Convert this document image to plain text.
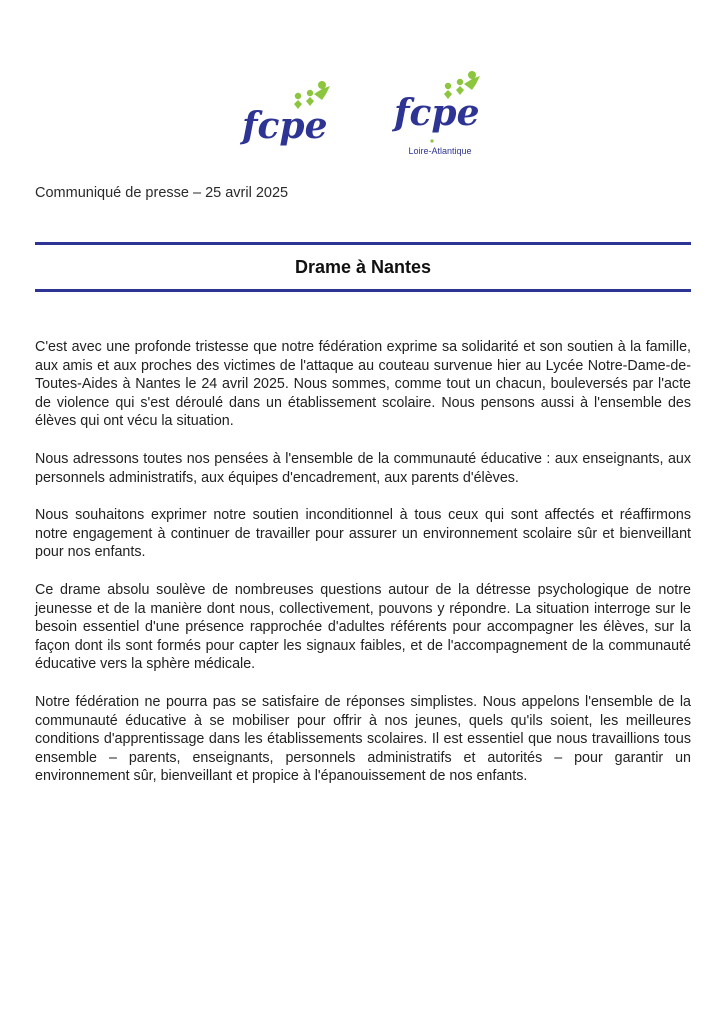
fcpe fcpe
Loire-Atlantique
Communiqué de presse – 25 avril 2025
Drame à Nantes

C'est avec une profonde tristesse que notre fédération exprime sa solidarité et son soutien à la famille, aux amis et aux proches des victimes de l'attaque au couteau survenue hier au Lycée Notre-Dame-de-Toutes-Aides à Nantes le 24 avril 2025. Nous sommes, comme tout un chacun, bouleversés par l'acte de violence qui s'est déroulé dans un établissement scolaire. Nous pensons aussi à l'ensemble des élèves qui ont vécu la situation.

Nous adressons toutes nos pensées à l'ensemble de la communauté éducative : aux enseignants, aux personnels administratifs, aux équipes d'encadrement, aux parents d'élèves.

Nous souhaitons exprimer notre soutien inconditionnel à tous ceux qui sont affectés et réaffirmons notre engagement à continuer de travailler pour assurer un environnement scolaire sûr et bienveillant pour nos enfants.

Ce drame absolu soulève de nombreuses questions autour de la détresse psychologique de notre jeunesse et de la manière dont nous, collectivement, pouvons y répondre. La situation interroge sur le besoin essentiel d'une présence rapprochée d'adultes référents pour accompagner les élèves, sur la façon dont ils sont formés pour capter les signaux faibles, et de l'accompagnement de la communauté éducative vers la sphère médicale.

Notre fédération ne pourra pas se satisfaire de réponses simplistes. Nous appelons l'ensemble de la communauté éducative à se mobiliser pour offrir à nos jeunes, quels qu'ils soient, les meilleures conditions d'apprentissage dans les établissements scolaires. Il est essentiel que nous travaillions tous ensemble – parents, enseignants, personnels administratifs et autorités – pour garantir un environnement sûr, bienveillant et propice à l'épanouissement de nos enfants.
